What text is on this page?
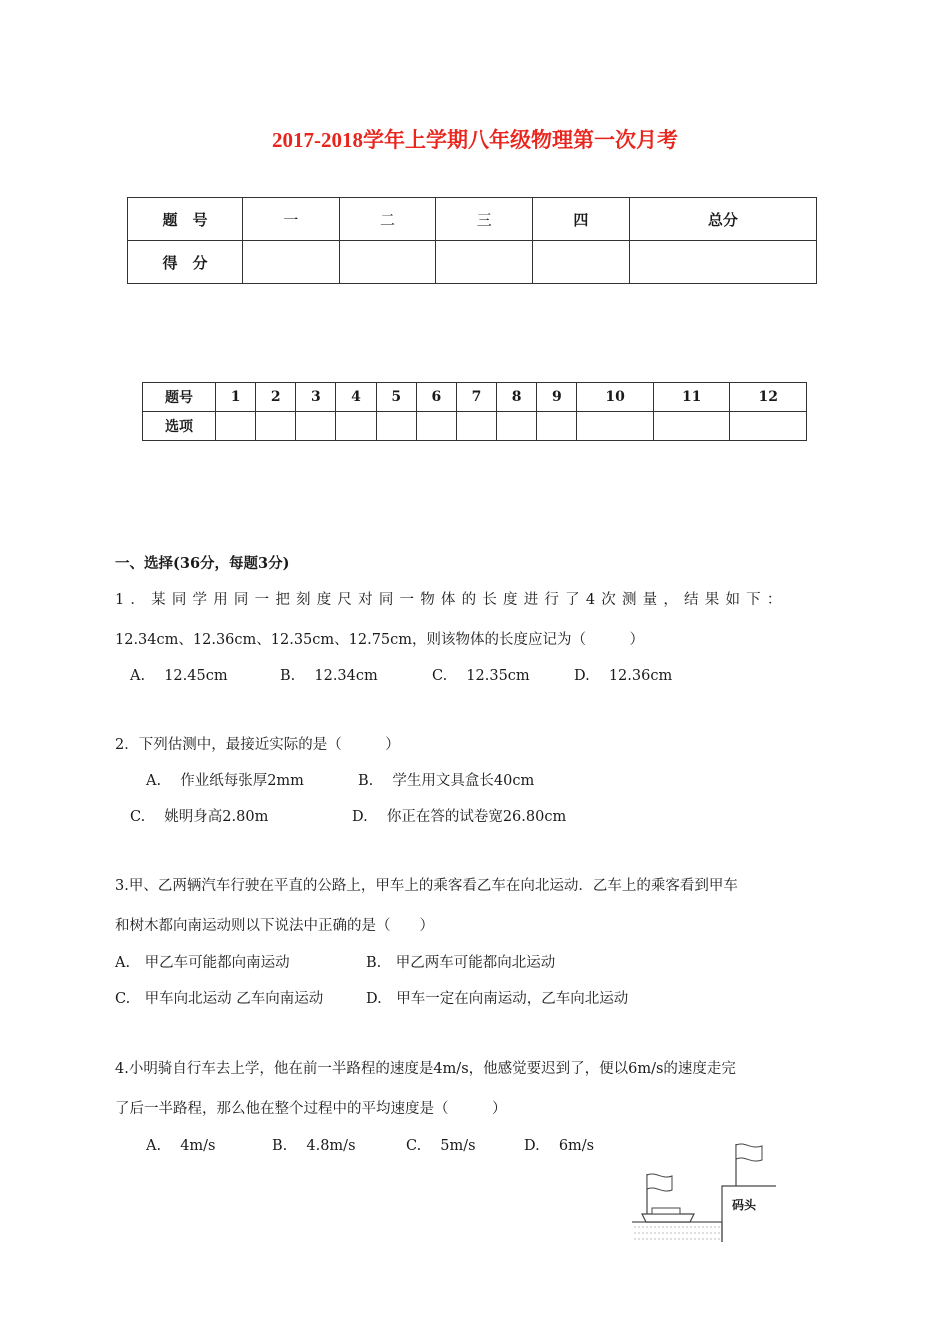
2017-2018学年上学期八年级物理第一次月考
题　号	一	二	三	四	总分
得　分					
题号	1	2	3	4	5	6	7	8	9	10	11	12
选项												
一、选择(36分，每题3分)
1．某同学用同一把刻度尺对同一物体的长度进行了4次测量，结果如下：
12.34cm、12.36cm、12.35cm、12.75cm，则该物体的长度应记为（　　　）
A.　 12.45cm	B.　 12.34cm	C.　 12.35cm	D.　 12.36cm
2．下列估测中，最接近实际的是（　　　）
A.　 作业纸每张厚2mm	B.　 学生用文具盒长40cm
C.　 姚明身高2.80m	D.　 你正在答的试卷宽26.80cm
3.甲、乙两辆汽车行驶在平直的公路上，甲车上的乘客看乙车在向北运动．乙车上的乘客看到甲车
和树木都向南运动则以下说法中正确的是（　　）
A.　甲乙车可能都向南运动	B.　甲乙两车可能都向北运动
C.　甲车向北运动 乙车向南运动	D.　甲车一定在向南运动，乙车向北运动
4.小明骑自行车去上学，他在前一半路程的速度是4m/s，他感觉要迟到了，便以6m/s的速度走完
了后一半路程，那么他在整个过程中的平均速度是（　　　）
A.　 4m/s	B.　 4.8m/s	C.　 5m/s	D.　 6m/s
码头
